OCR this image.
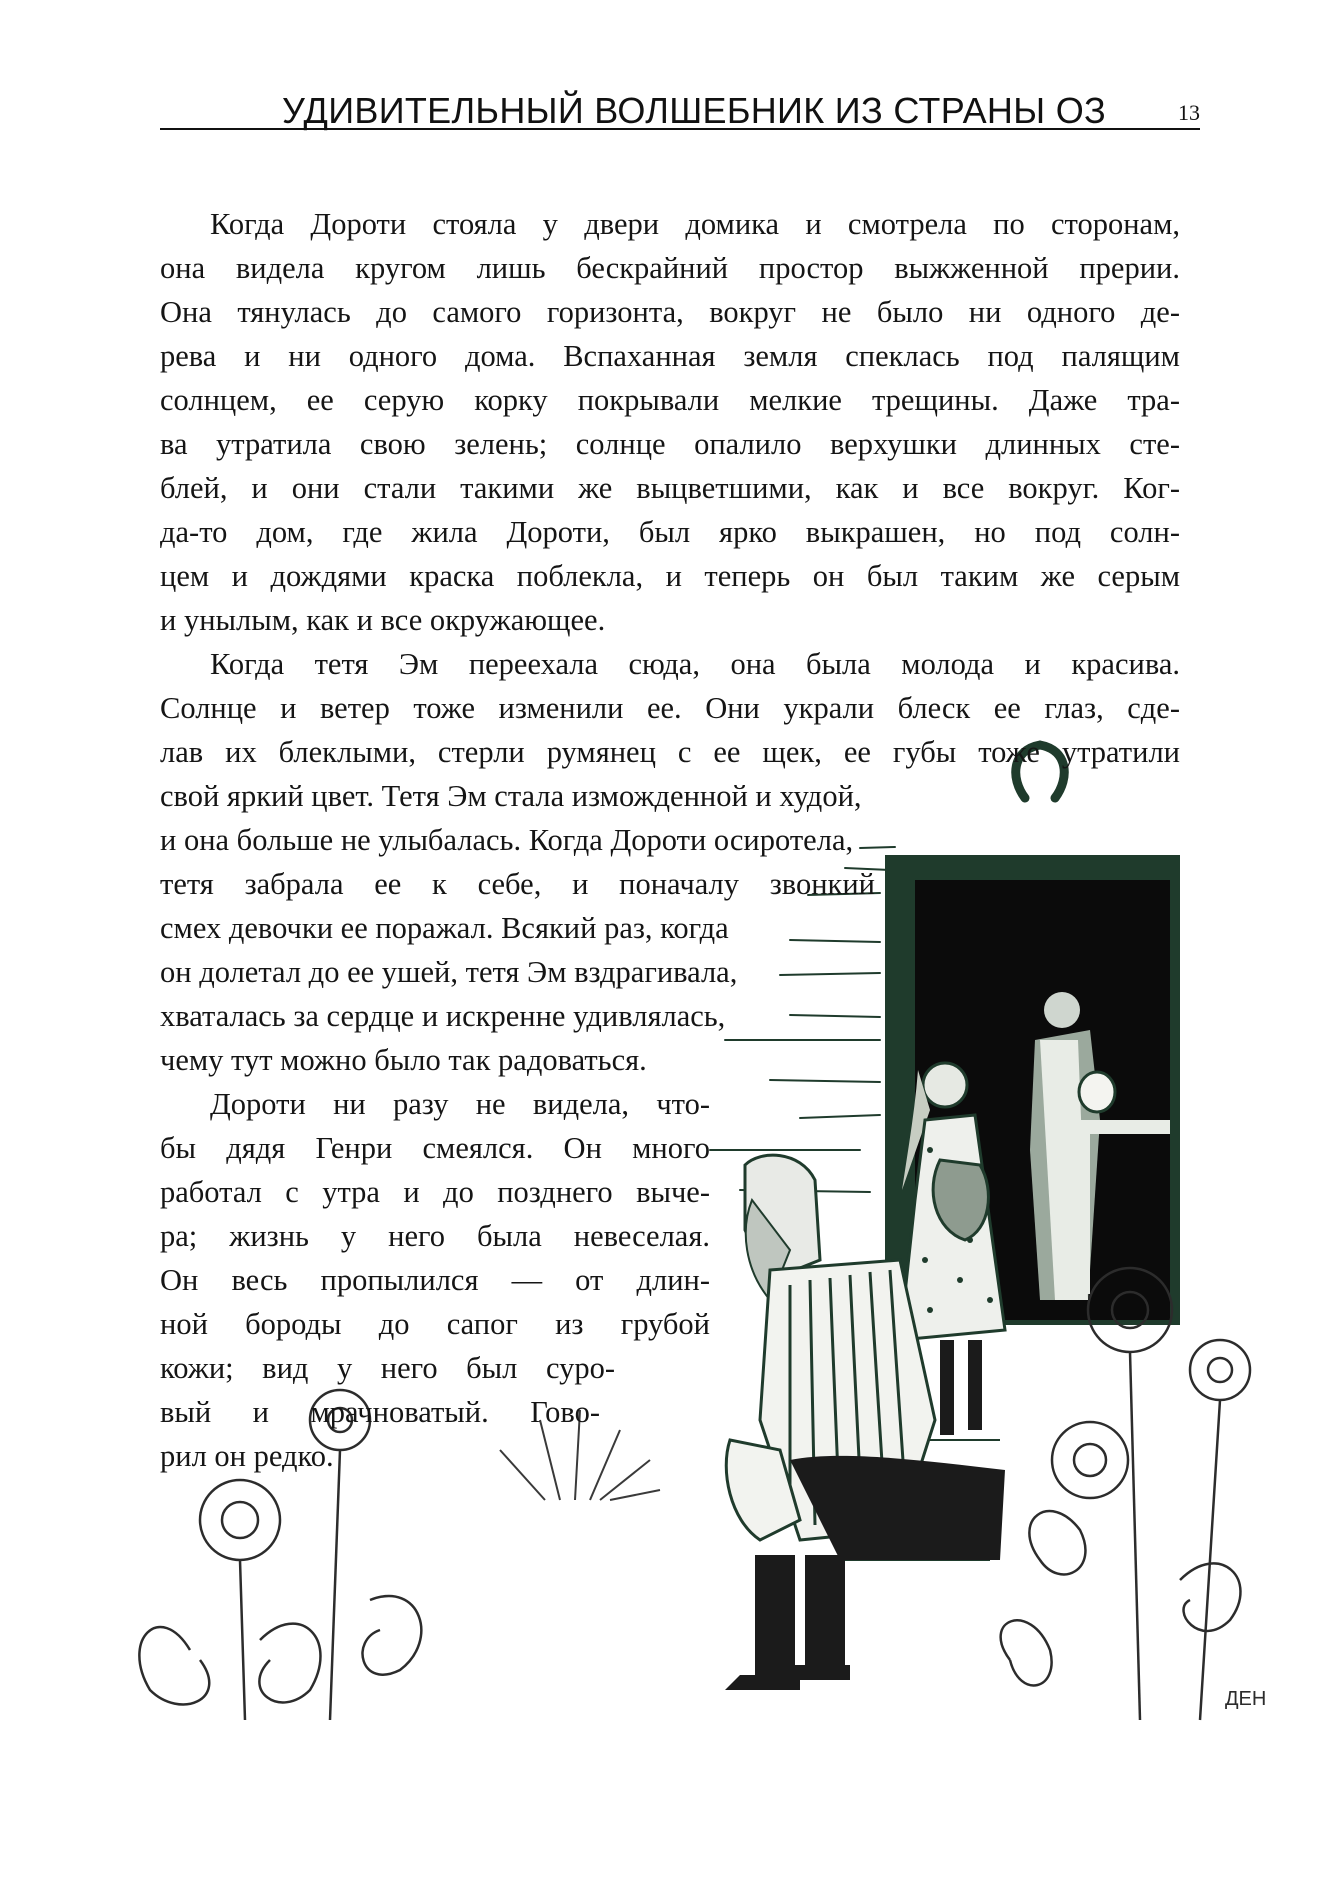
УДИВИТЕЛЬНЫЙ ВОЛШЕБНИК ИЗ СТРАНЫ ОЗ	13
ДЕН
Когда Дороти стояла у двери домика и смотрела по сторонам,
она видела кругом лишь бескрайний простор выжженной прерии.
Она тянулась до самого горизонта, вокруг не было ни одного де-
рева и ни одного дома. Вспаханная земля спеклась под палящим
солнцем, ее серую корку покрывали мелкие трещины. Даже тра-
ва утратила свою зелень; солнце опалило верхушки длинных сте-
блей, и они стали такими же выцветшими, как и все вокруг. Ког-
да-то дом, где жила Дороти, был ярко выкрашен, но под солн-
цем и дождями краска поблекла, и теперь он был таким же серым
и унылым, как и все окружающее.
Когда тетя Эм переехала сюда, она была молода и красива.
Солнце и ветер тоже изменили ее. Они украли блеск ее глаз, сде-
лав их блеклыми, стерли румянец с ее щек, ее губы тоже утратили
свой яркий цвет. Тетя Эм стала изможденной и худой,
и она больше не улыбалась. Когда Дороти осиротела,
тетя забрала ее к себе, и поначалу звонкий
смех девочки ее поражал. Всякий раз, когда
он долетал до ее ушей, тетя Эм вздрагивала,
хваталась за сердце и искренне удивлялась,
чему тут можно было так радоваться.
Дороти ни разу не видела, что-
бы дядя Генри смеялся. Он много
работал с утра и до позднего выче-
ра; жизнь у него была невеселая.
Он весь пропылился — от длин-
ной бороды до сапог из грубой
кожи; вид у него был суро-
вый и мрачноватый. Гово-
рил он редко.
